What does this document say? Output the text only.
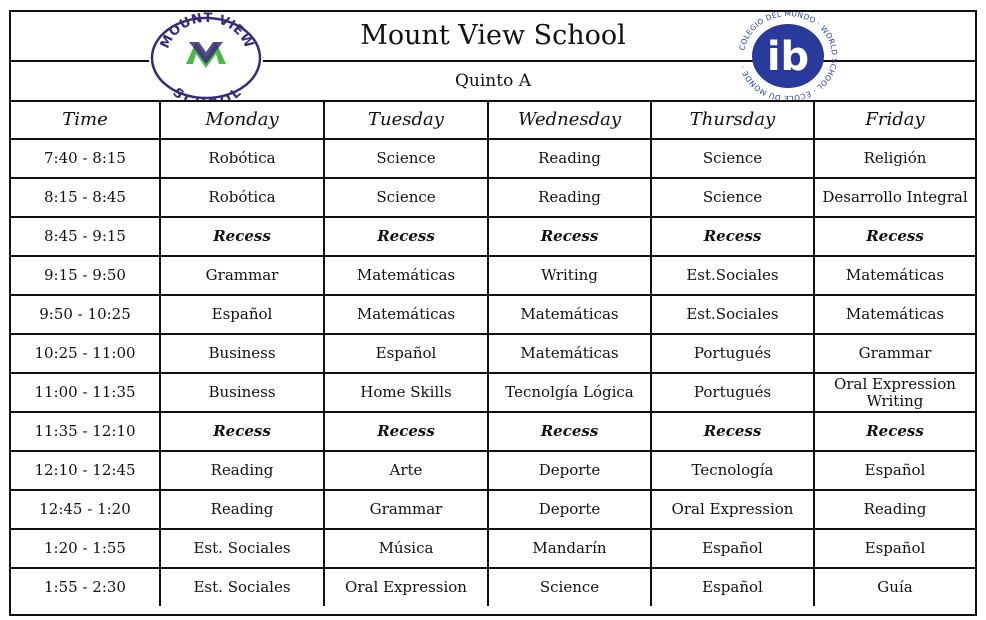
Mount View School
Quinto A
MOUNT VIEW
S L
COLEGIO DEL MUNDO · WORLD SCHOOL · ÉCOLE DU MONDE · ib
Time	Monday	Tuesday	Wednesday	Thursday	Friday
7:40 - 8:15	Robótica	Science	Reading	Science	Religión
8:15 - 8:45	Robótica	Science	Reading	Science	Desarrollo Integral
8:45 - 9:15	Recess	Recess	Recess	Recess	Recess
9:15 - 9:50	Grammar	Matemáticas	Writing	Est.Sociales	Matemáticas
9:50 - 10:25	Español	Matemáticas	Matemáticas	Est.Sociales	Matemáticas
10:25 - 11:00	Business	Español	Matemáticas	Portugués	Grammar
11:00 - 11:35	Business	Home Skills	Tecnolgía Lógica	Portugués	Oral Expression Writing
11:35 - 12:10	Recess	Recess	Recess	Recess	Recess
12:10 - 12:45	Reading	Arte	Deporte	Tecnología	Español
12:45 - 1:20	Reading	Grammar	Deporte	Oral Expression	Reading
1:20 - 1:55	Est. Sociales	Música	Mandarín	Español	Español
1:55 - 2:30	Est. Sociales	Oral Expression	Science	Español	Guía
